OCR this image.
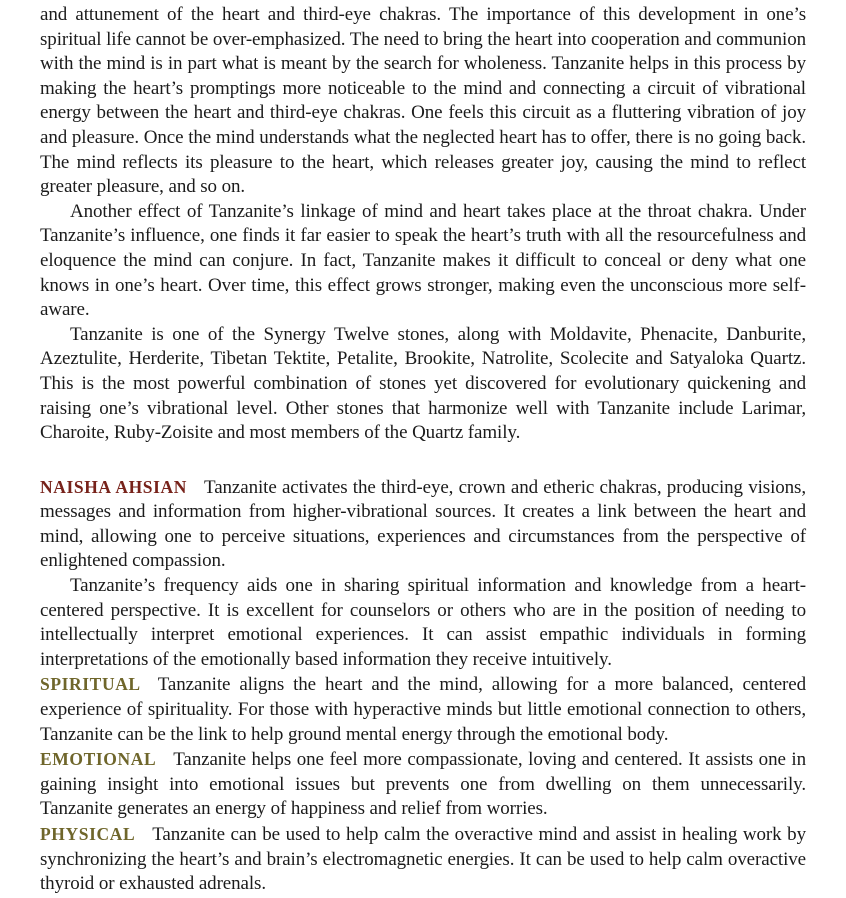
and attunement of the heart and third-eye chakras. The importance of this development in one’s spiritual life cannot be over-emphasized. The need to bring the heart into cooperation and communion with the mind is in part what is meant by the search for wholeness. Tanzanite helps in this process by making the heart’s promptings more noticeable to the mind and connecting a circuit of vibrational energy between the heart and third-eye chakras. One feels this circuit as a fluttering vibration of joy and pleasure. Once the mind understands what the neglected heart has to offer, there is no going back. The mind reflects its pleasure to the heart, which releases greater joy, causing the mind to reflect greater pleasure, and so on.

Another effect of Tanzanite’s linkage of mind and heart takes place at the throat chakra. Under Tanzanite’s influence, one finds it far easier to speak the heart’s truth with all the resourcefulness and eloquence the mind can conjure. In fact, Tanzanite makes it difficult to conceal or deny what one knows in one’s heart. Over time, this effect grows stronger, making even the unconscious more self-aware.

Tanzanite is one of the Synergy Twelve stones, along with Moldavite, Phenacite, Danburite, Azeztulite, Herderite, Tibetan Tektite, Petalite, Brookite, Natrolite, Scolecite and Satyaloka Quartz. This is the most powerful combination of stones yet discovered for evolutionary quickening and raising one’s vibrational level. Other stones that harmonize well with Tanzanite include Larimar, Charoite, Ruby-Zoisite and most members of the Quartz family.

NAISHA AHSIAN Tanzanite activates the third-eye, crown and etheric chakras, producing visions, messages and information from higher-vibrational sources. It creates a link between the heart and mind, allowing one to perceive situations, experiences and circumstances from the perspective of enlightened compassion.

Tanzanite’s frequency aids one in sharing spiritual information and knowledge from a heart-centered perspective. It is excellent for counselors or others who are in the position of needing to intellectually interpret emotional experiences. It can assist empathic individuals in forming interpretations of the emotionally based information they receive intuitively.

SPIRITUAL Tanzanite aligns the heart and the mind, allowing for a more balanced, centered experience of spirituality. For those with hyperactive minds but little emotional connection to others, Tanzanite can be the link to help ground mental energy through the emotional body.

EMOTIONAL Tanzanite helps one feel more compassionate, loving and centered. It assists one in gaining insight into emotional issues but prevents one from dwelling on them unnecessarily. Tanzanite generates an energy of happiness and relief from worries.

PHYSICAL Tanzanite can be used to help calm the overactive mind and assist in healing work by synchronizing the heart’s and brain’s electromagnetic energies. It can be used to help calm overactive thyroid or exhausted adrenals.
